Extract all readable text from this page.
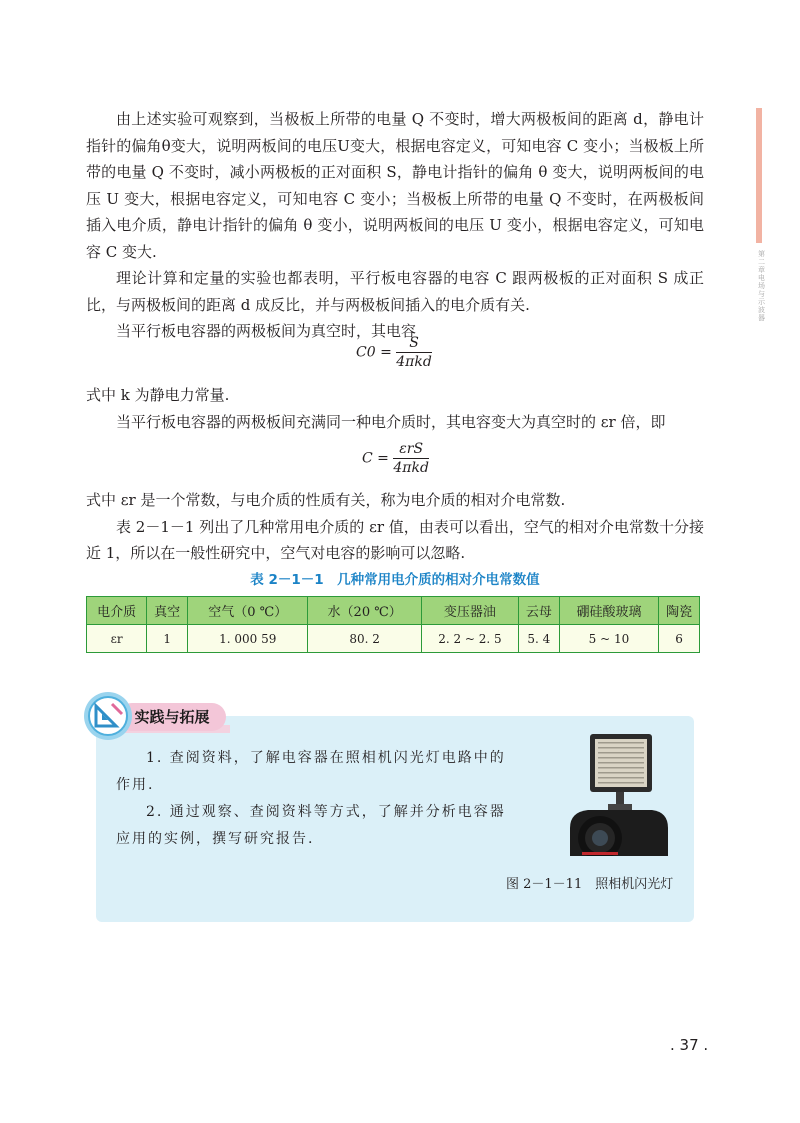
第二章 电场与示波器

由上述实验可观察到，当极板上所带的电量 Q 不变时，增大两极板间的距离 d，静电计指针的偏角θ变大，说明两板间的电压U变大，根据电容定义，可知电容 C 变小；当极板上所带的电量 Q 不变时，减小两极板的正对面积 S，静电计指针的偏角 θ 变大，说明两板间的电压 U 变大，根据电容定义，可知电容 C 变小；当极板上所带的电量 Q 不变时，在两极板间插入电介质，静电计指针的偏角 θ 变小，说明两板间的电压 U 变小，根据电容定义，可知电容 C 变大.

理论计算和定量的实验也都表明，平行板电容器的电容 C 跟两极板的正对面积 S 成正比，与两极板间的距离 d 成反比，并与两极板间插入的电介质有关.

当平行板电容器的两极板间为真空时，其电容

$C0 = \frac{S}{\text{4πkd}}$

式中 k 为静电力常量.

当平行板电容器的两极板间充满同一种电介质时，其电容变大为真空时的 εr 倍，即

$C = \frac{\text{εrS}}{\text{4πkd}}$

式中 εr 是一个常数，与电介质的性质有关，称为电介质的相对介电常数.

表 2－1－1 列出了几种常用电介质的 εr 值，由表可以看出，空气的相对介电常数十分接近 1，所以在一般性研究中，空气对电容的影响可以忽略.

表 2－1－1　几种常用电介质的相对介电常数值
电介质	真空	空气（0 ℃）	水（20 ℃）	变压器油	云母	硼硅酸玻璃	陶瓷
εr	1	1. 000 59	80. 2	2. 2 ~ 2. 5	5. 4	5 ~ 10	6
实践与拓展

1. 查阅资料，了解电容器在照相机闪光灯电路中的作用.

2. 通过观察、查阅资料等方式，了解并分析电容器应用的实例，撰写研究报告.

图 2－1－11　照相机闪光灯
. 37 .
